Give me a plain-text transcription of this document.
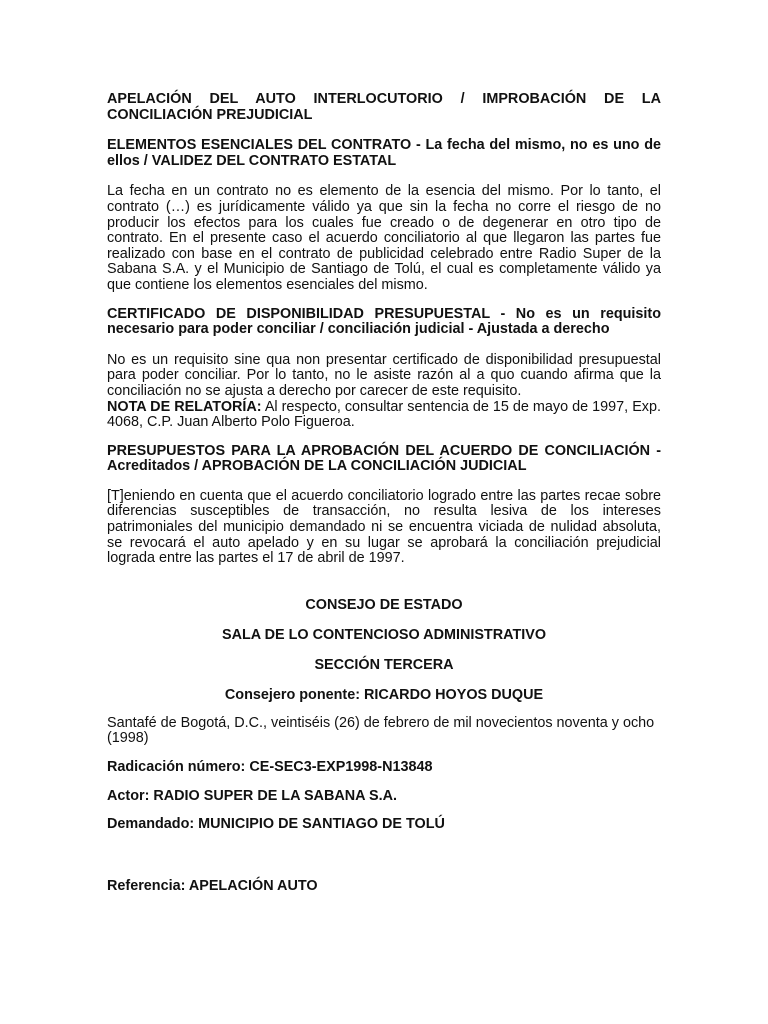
APELACIÓN DEL AUTO INTERLOCUTORIO / IMPROBACIÓN DE LA CONCILIACIÓN PREJUDICIAL

ELEMENTOS ESENCIALES DEL CONTRATO - La fecha del mismo, no es uno de ellos / VALIDEZ DEL CONTRATO ESTATAL

La fecha en un contrato no es elemento de la esencia del mismo. Por lo tanto, el contrato (…) es jurídicamente válido ya que sin la fecha no corre el riesgo de no producir los efectos para los cuales fue creado o de degenerar en otro tipo de contrato. En el presente caso el acuerdo conciliatorio al que llegaron las partes fue realizado con base en el contrato de publicidad celebrado entre Radio Super de la Sabana S.A. y el Municipio de Santiago de Tolú, el cual es completamente válido ya que contiene los elementos esenciales del mismo.

CERTIFICADO DE DISPONIBILIDAD PRESUPUESTAL - No es un requisito necesario para poder conciliar / conciliación judicial - Ajustada a derecho

No es un requisito sine qua non presentar certificado de disponibilidad presupuestal para poder conciliar. Por lo tanto, no le asiste razón al a quo cuando afirma que la conciliación no se ajusta a derecho por carecer de este requisito.
NOTA DE RELATORÍA: Al respecto, consultar sentencia de 15 de mayo de 1997, Exp. 4068, C.P. Juan Alberto Polo Figueroa.

PRESUPUESTOS PARA LA APROBACIÓN DEL ACUERDO DE CONCILIACIÓN - Acreditados / APROBACIÓN DE LA CONCILIACIÓN JUDICIAL

[T]eniendo en cuenta que el acuerdo conciliatorio logrado entre las partes recae sobre diferencias susceptibles de transacción, no resulta lesiva de los intereses patrimoniales del municipio demandado ni se encuentra viciada de nulidad absoluta, se revocará el auto apelado y en su lugar se aprobará la conciliación prejudicial lograda entre las partes el 17 de abril de 1997.

CONSEJO DE ESTADO

SALA DE LO CONTENCIOSO ADMINISTRATIVO

SECCIÓN TERCERA

Consejero ponente: RICARDO HOYOS DUQUE

Santafé de Bogotá, D.C., veintiséis (26) de febrero de mil novecientos noventa y ocho (1998)

Radicación número: CE-SEC3-EXP1998-N13848

Actor: RADIO SUPER DE LA SABANA S.A.

Demandado: MUNICIPIO DE SANTIAGO DE TOLÚ

Referencia: APELACIÓN AUTO
